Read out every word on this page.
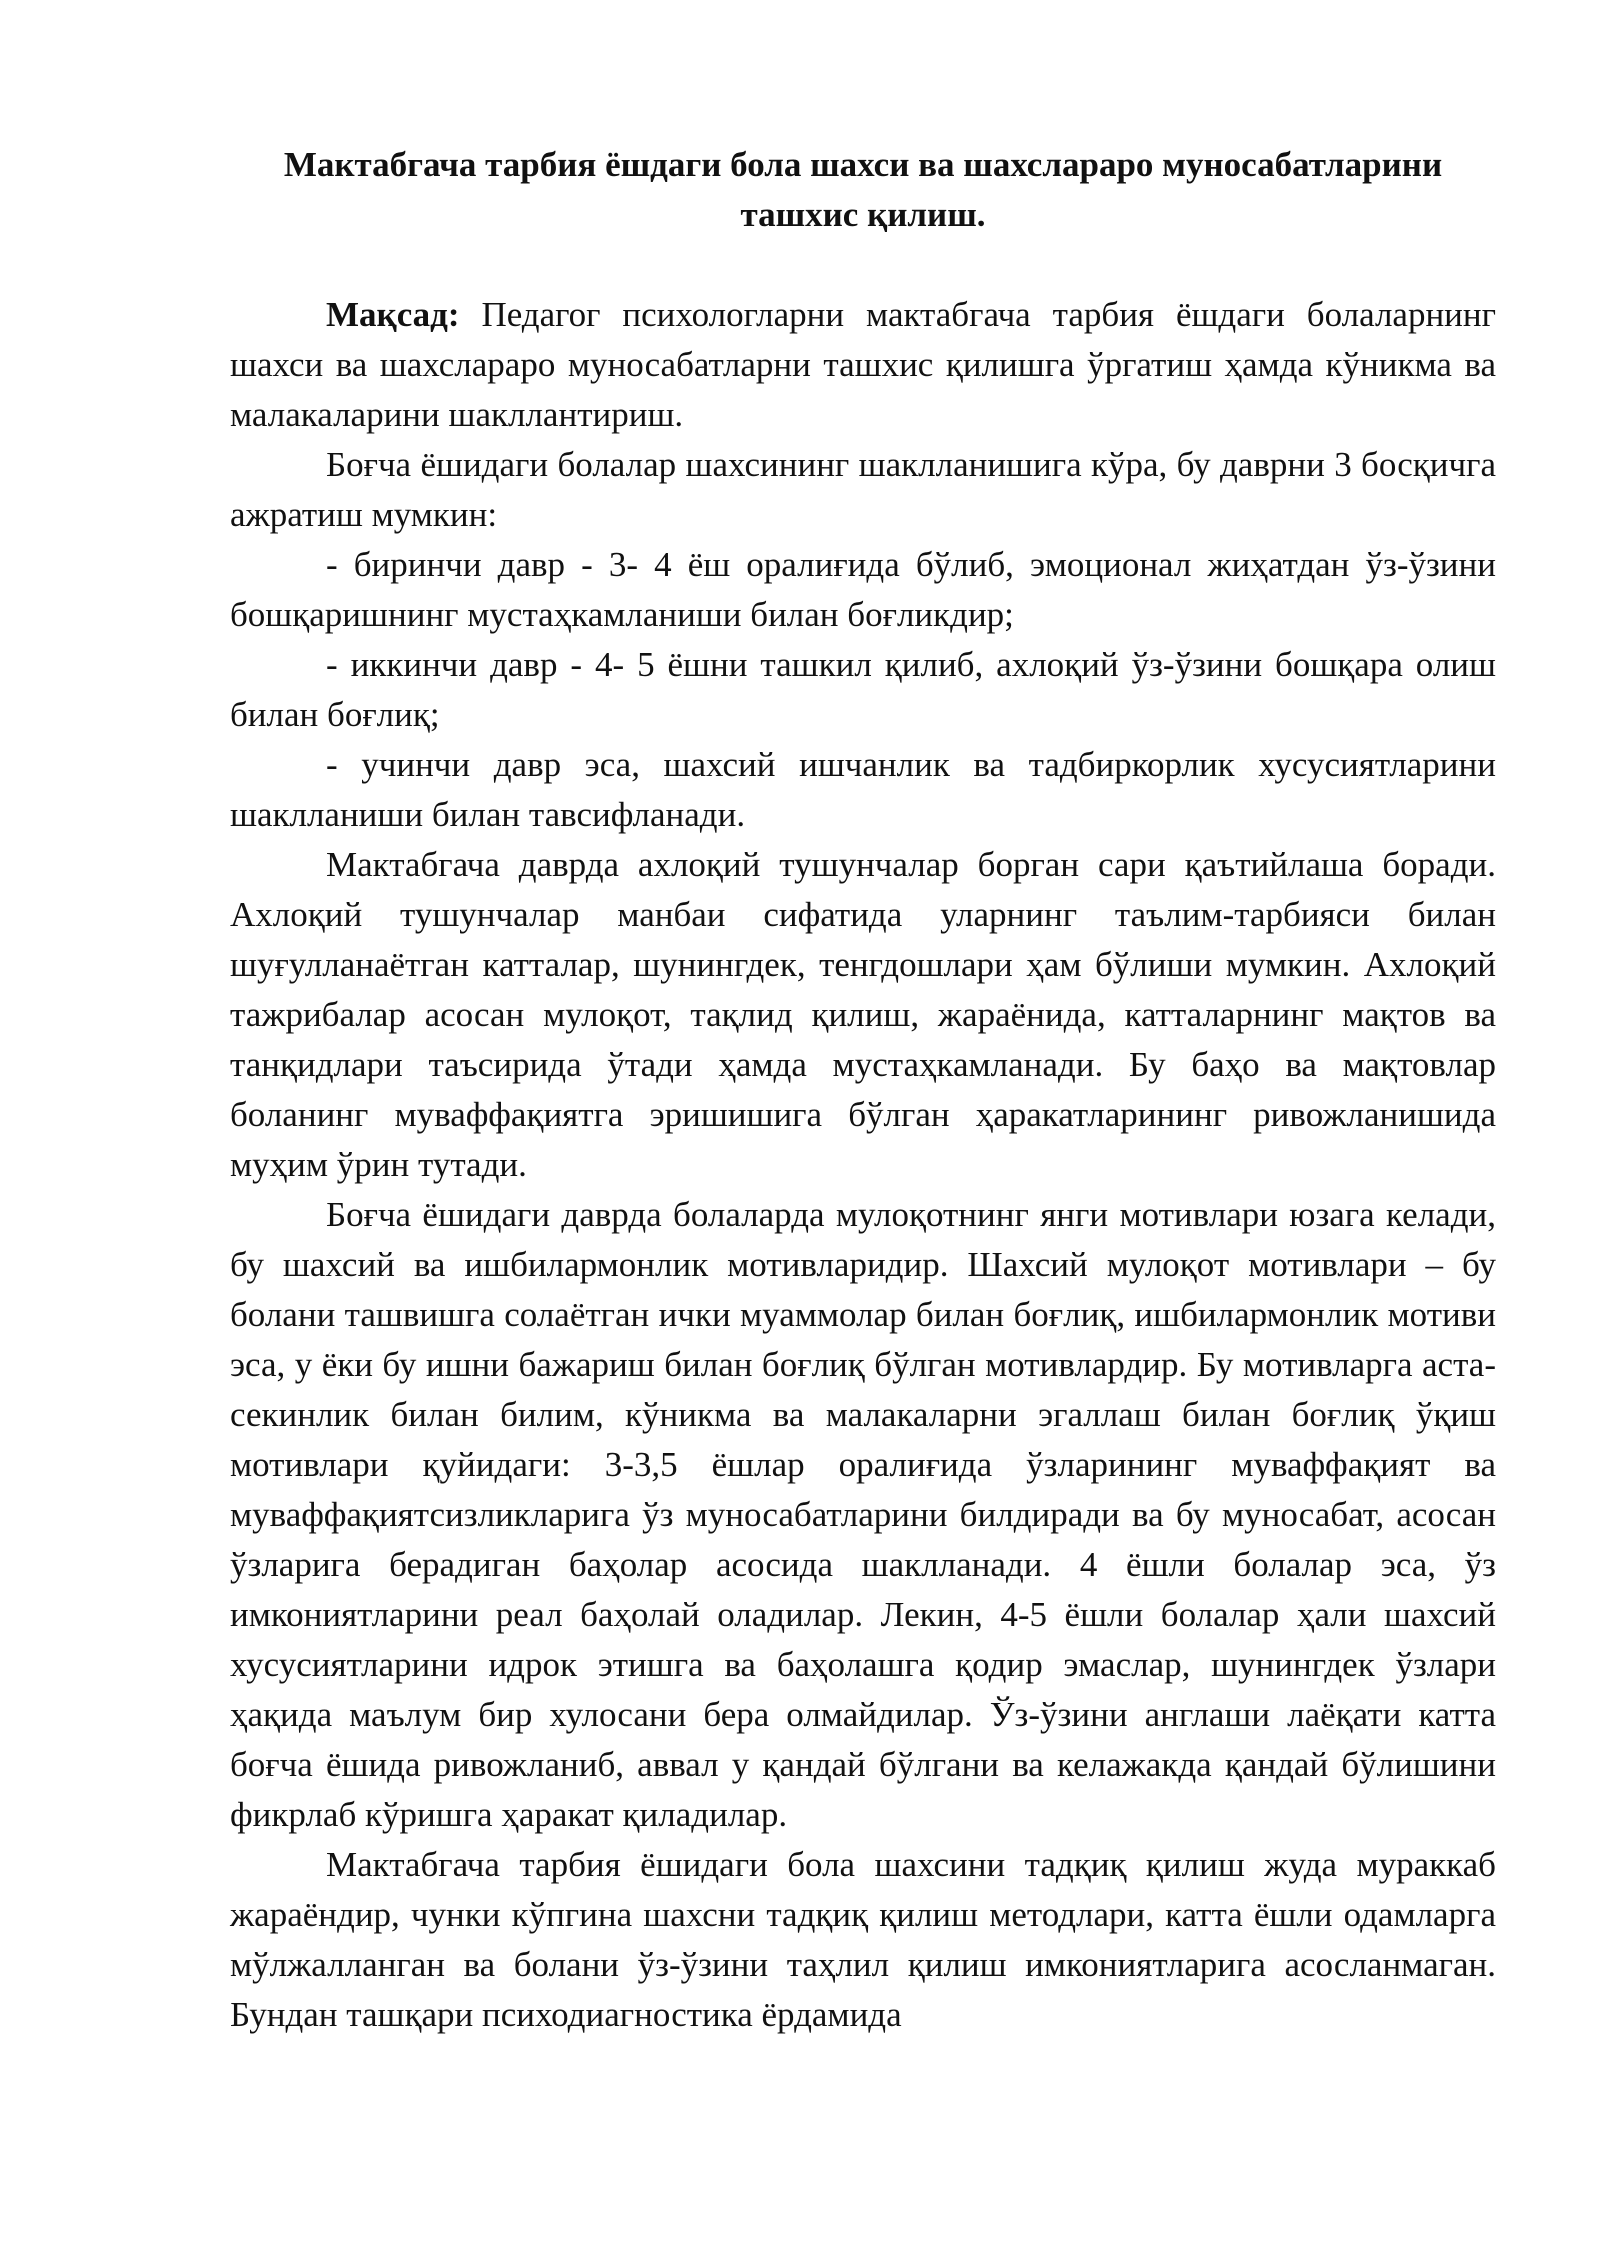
Мактабгача тарбия ёшдаги бола шахси ва шахслараро муносабатларини ташхис қилиш.

Мақсад: Педагог психологларни мактабгача тарбия ёшдаги болаларнинг шахси ва шахслараро муносабатларни ташхис қилишга ўргатиш ҳамда кўникма ва малакаларини шакллантириш.

Боғча ёшидаги болалар шахсининг шаклланишига кўра, бу даврни 3 босқичга ажратиш мумкин:

- биринчи давр - 3- 4 ёш оралиғида бўлиб, эмоционал жиҳатдан ўз-ўзини бошқаришнинг мустаҳкамланиши билан боғликдир;

- иккинчи давр - 4- 5 ёшни ташкил қилиб, ахлоқий ўз-ўзини бошқара олиш билан боғлиқ;

- учинчи давр эса, шахсий ишчанлик ва тадбиркорлик хусусиятларини шаклланиши билан тавсифланади.

Мактабгача даврда ахлоқий тушунчалар борган сари қаътийлаша боради. Ахлоқий тушунчалар манбаи сифатида уларнинг таълим-тарбияси билан шуғулланаётган катталар, шунингдек, тенгдошлари ҳам бўлиши мумкин. Ахлоқий тажрибалар асосан мулоқот, тақлид қилиш, жараёнида, катталарнинг мақтов ва танқидлари таъсирида ўтади ҳамда мустаҳкамланади. Бу баҳо ва мақтовлар боланинг муваффақиятга эришишига бўлган ҳаракатларининг ривожланишида муҳим ўрин тутади.

Боғча ёшидаги даврда болаларда мулоқотнинг янги мотивлари юзага келади, бу шахсий ва ишбилармонлик мотивларидир. Шахсий мулоқот мотивлари – бу болани ташвишга солаётган ички муаммолар билан боғлиқ, ишбилармонлик мотиви эса, у ёки бу ишни бажариш билан боғлиқ бўлган мотивлардир. Бу мотивларга аста-секинлик билан билим, кўникма ва малакаларни эгаллаш билан боғлиқ ўқиш мотивлари қуйидаги: 3-3,5 ёшлар оралиғида ўзларининг муваффақият ва муваффақиятсизликларига ўз муносабатларини билдиради ва бу муносабат, асосан ўзларига берадиган баҳолар асосида шаклланади. 4 ёшли болалар эса, ўз имкониятларини реал баҳолай оладилар. Лекин, 4-5 ёшли болалар ҳали шахсий хусусиятларини идрок этишга ва баҳолашга қодир эмаслар, шунингдек ўзлари ҳақида маълум бир хулосани бера олмайдилар. Ўз-ўзини англаши лаёқати катта боғча ёшида ривожланиб, аввал у қандай бўлгани ва келажакда қандай бўлишини фикрлаб кўришга ҳаракат қиладилар.

Мактабгача тарбия ёшидаги бола шахсини тадқиқ қилиш жуда мураккаб жараёндир, чунки кўпгина шахсни тадқиқ қилиш методлари, катта ёшли одамларга мўлжалланган ва болани ўз-ўзини таҳлил қилиш имкониятларига асосланмаган. Бундан ташқари психодиагностика ёрдамида
